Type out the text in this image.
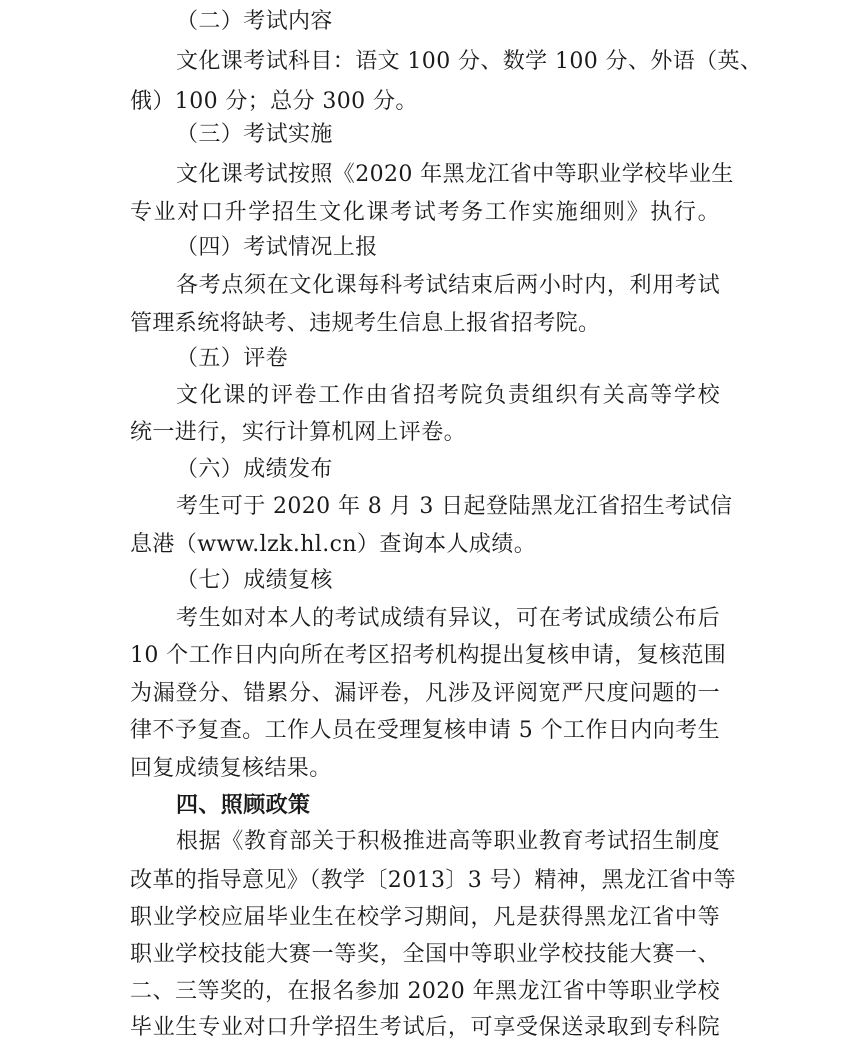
（二）考试内容
文化课考试科目：语文 100 分、数学 100 分、外语（英、
俄）100 分；总分 300 分。
（三）考试实施
文化课考试按照《2020 年黑龙江省中等职业学校毕业生
专业对口升学招生文化课考试考务工作实施细则》执行。
（四）考试情况上报
各考点须在文化课每科考试结束后两小时内，利用考试
管理系统将缺考、违规考生信息上报省招考院。
（五）评卷
文化课的评卷工作由省招考院负责组织有关高等学校
统一进行，实行计算机网上评卷。
（六）成绩发布
考生可于 2020 年 8 月 3 日起登陆黑龙江省招生考试信
息港（www.lzk.hl.cn）查询本人成绩。
（七）成绩复核
考生如对本人的考试成绩有异议，可在考试成绩公布后
10 个工作日内向所在考区招考机构提出复核申请，复核范围
为漏登分、错累分、漏评卷，凡涉及评阅宽严尺度问题的一
律不予复查。工作人员在受理复核申请 5 个工作日内向考生
回复成绩复核结果。
四、照顾政策
根据《教育部关于积极推进高等职业教育考试招生制度
改革的指导意见》（教学〔2013〕3 号）精神，黑龙江省中等
职业学校应届毕业生在校学习期间，凡是获得黑龙江省中等
职业学校技能大赛一等奖，全国中等职业学校技能大赛一、
二、三等奖的，在报名参加 2020 年黑龙江省中等职业学校
毕业生专业对口升学招生考试后，可享受保送录取到专科院
